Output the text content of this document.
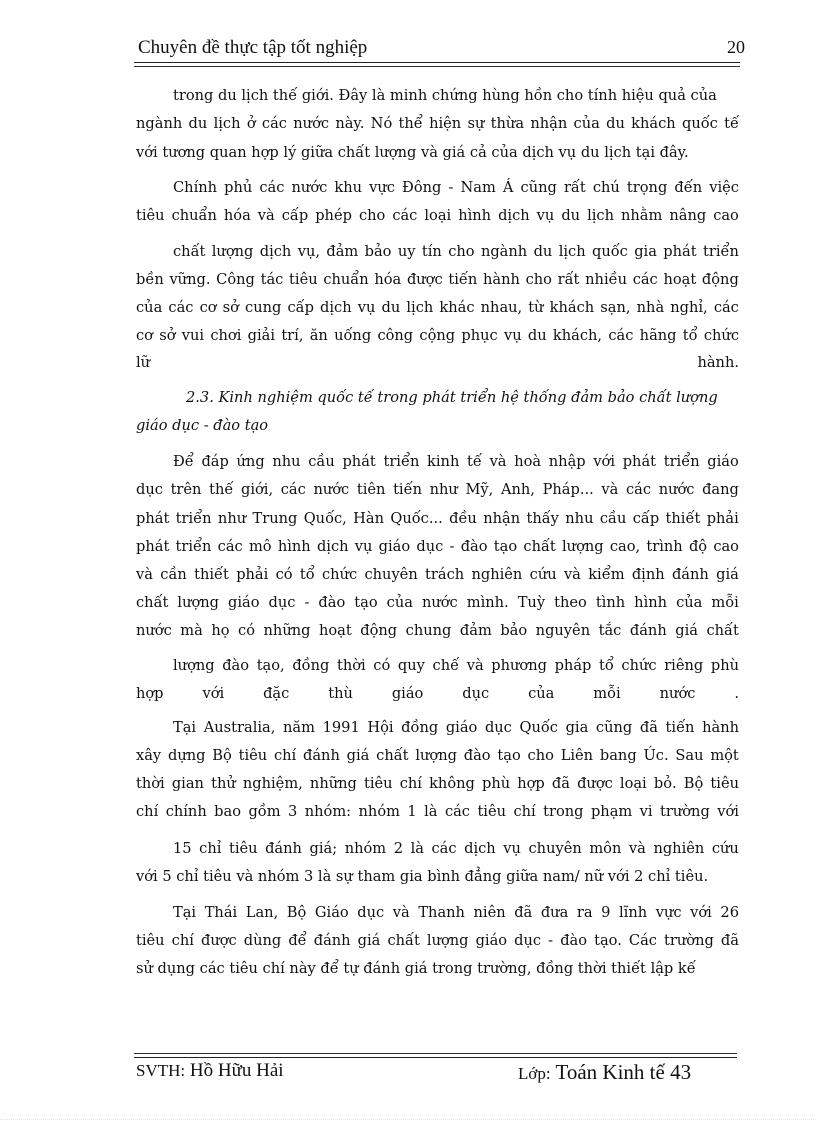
Chuyên đề thực tập tốt nghiệp	20
trong du lịch thế giới. Đây là minh chứng hùng hồn cho tính hiệu quả của
ngành du lịch ở các nước này. Nó thể hiện sự thừa nhận của du khách quốc tế
với tương quan hợp lý giữa chất lượng và giá cả của dịch vụ du lịch tại đây.
Chính phủ các nước khu vực Đông - Nam Á cũng rất chú trọng đến việc
tiêu chuẩn hóa và cấp phép cho các loại hình dịch vụ du lịch nhằm nâng cao
chất lượng dịch vụ, đảm bảo uy tín cho ngành du lịch quốc gia phát triển
bền vững. Công tác tiêu chuẩn hóa được tiến hành cho rất nhiều các hoạt động
của các cơ sở cung cấp dịch vụ du lịch khác nhau, từ khách sạn, nhà nghỉ, các
cơ sở vui chơi giải trí, ăn uống công cộng phục vụ du khách, các hãng tổ chức
lữ	hành.
2.3. Kinh nghiệm quốc tế trong phát triển hệ thống đảm bảo chất lượng
giáo dục - đào tạo
Để đáp ứng nhu cầu phát triển kinh tế và hoà nhập với phát triển giáo
dục trên thế giới, các nước tiên tiến như Mỹ, Anh, Pháp... và các nước đang
phát triển như Trung Quốc, Hàn Quốc... đều nhận thấy nhu cầu cấp thiết phải
phát triển các mô hình dịch vụ giáo dục - đào tạo chất lượng cao, trình độ cao
và cần thiết phải có tổ chức chuyên trách nghiên cứu và kiểm định đánh giá
chất lượng giáo dục - đào tạo của nước mình. Tuỳ theo tình hình của mỗi
nước mà họ có những hoạt động chung đảm bảo nguyên tắc đánh giá chất
lượng đào tạo, đồng thời có quy chế và phương pháp tổ chức riêng phù
hợp	với	đặc	thù	giáo	dục	của	mỗi	nước	.
Tại Australia, năm 1991 Hội đồng giáo dục Quốc gia cũng đã tiến hành
xây dựng Bộ tiêu chí đánh giá chất lượng đào tạo cho Liên bang Úc. Sau một
thời gian thử nghiệm, những tiêu chí không phù hợp đã được loại bỏ. Bộ tiêu
chí chính bao gồm 3 nhóm: nhóm 1 là các tiêu chí trong phạm vi trường với
15 chỉ tiêu đánh giá; nhóm 2 là các dịch vụ chuyên môn và nghiên cứu
với 5 chỉ tiêu và nhóm 3 là sự tham gia bình đẳng giữa nam/ nữ với 2 chỉ tiêu.
Tại Thái Lan, Bộ Giáo dục và Thanh niên đã đưa ra 9 lĩnh vực với 26
tiêu chí được dùng để đánh giá chất lượng giáo dục - đào tạo. Các trường đã
sử dụng các tiêu chí này để tự đánh giá trong trường, đồng thời thiết lập kế
SVTH: Hồ Hữu Hải	Lớp: Toán Kinh tế 43
